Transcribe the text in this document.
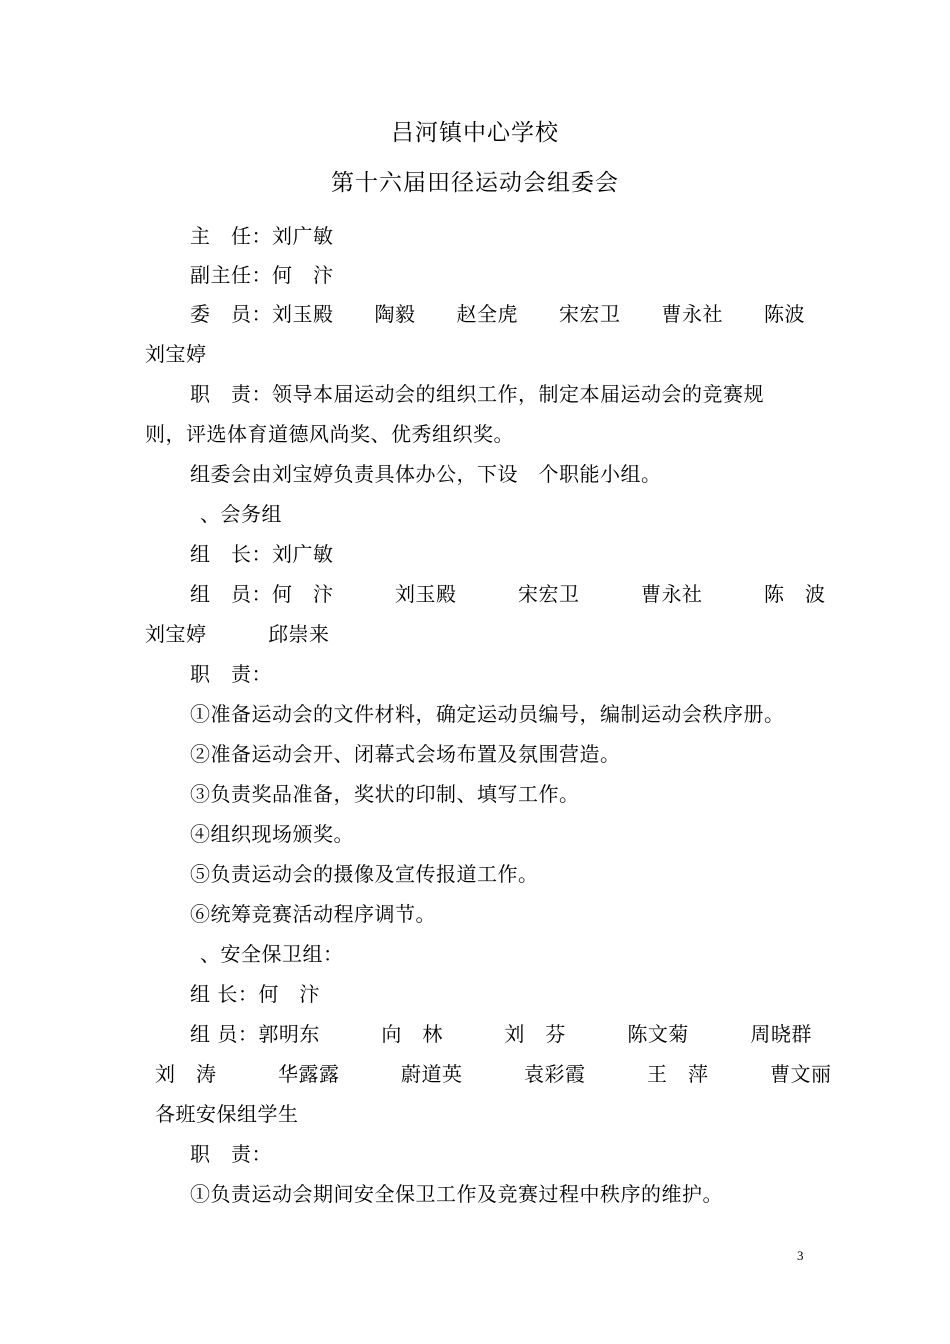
吕河镇中心学校
第十六届田径运动会组委会
主　任：刘广敏
副主任：何　汴
委　员：刘玉殿　　陶毅　　赵全虎　　宋宏卫　　曹永社　　陈波
刘宝婷
职　责：领导本届运动会的组织工作，制定本届运动会的竞赛规
则，评选体育道德风尚奖、优秀组织奖。
组委会由刘宝婷负责具体办公，下设　个职能小组。
、会务组
组　长：刘广敏
组　员：何　汴　　　刘玉殿　　　宋宏卫　　　曹永社　　　陈　波
刘宝婷　　　邱崇来
职　责：
①准备运动会的文件材料，确定运动员编号，编制运动会秩序册。
②准备运动会开、闭幕式会场布置及氛围营造。
③负责奖品准备，奖状的印制、填写工作。
④组织现场颁奖。
⑤负责运动会的摄像及宣传报道工作。
⑥统筹竞赛活动程序调节。
、安全保卫组：
组 长：何　汴
组 员：郭明东　　　向　林　　　刘　芬　　　陈文菊　　　周晓群
刘　涛　　　华露露　　　蔚道英　　　袁彩霞　　　王　萍　　　曹文丽
各班安保组学生
职　责：
①负责运动会期间安全保卫工作及竞赛过程中秩序的维护。
3
